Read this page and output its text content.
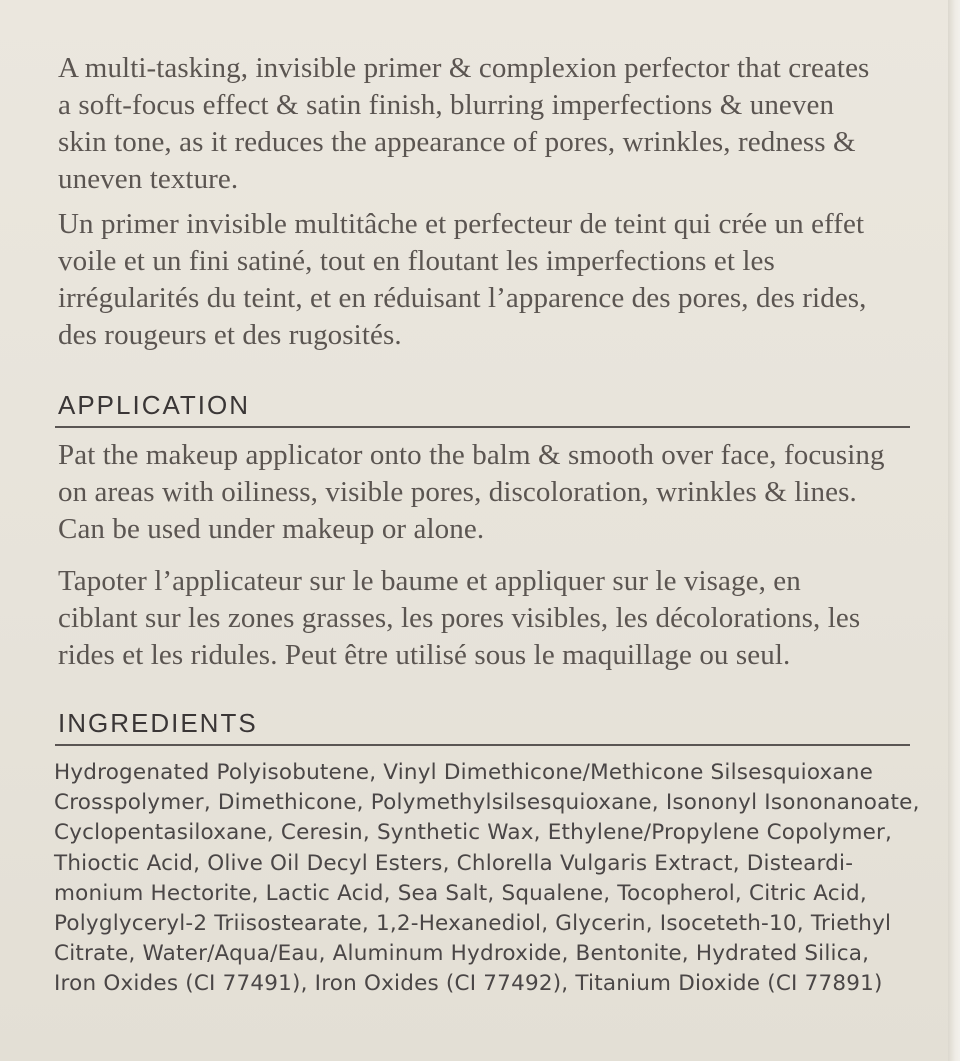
A multi-tasking, invisible primer & complexion perfector that creates
a soft-focus effect & satin finish, blurring imperfections & uneven
skin tone, as it reduces the appearance of pores, wrinkles, redness &
uneven texture.
Un primer invisible multitâche et perfecteur de teint qui crée un effet
voile et un fini satiné, tout en floutant les imperfections et les
irrégularités du teint, et en réduisant l’apparence des pores, des rides,
des rougeurs et des rugosités.
APPLICATION
Pat the makeup applicator onto the balm & smooth over face, focusing
on areas with oiliness, visible pores, discoloration, wrinkles & lines.
Can be used under makeup or alone.
Tapoter l’applicateur sur le baume et appliquer sur le visage, en
ciblant sur les zones grasses, les pores visibles, les décolorations, les
rides et les ridules. Peut être utilisé sous le maquillage ou seul.
INGREDIENTS
Hydrogenated Polyisobutene, Vinyl Dimethicone/Methicone Silsesquioxane
Crosspolymer, Dimethicone, Polymethylsilsesquioxane, Isononyl Isononanoate,
Cyclopentasiloxane, Ceresin, Synthetic Wax, Ethylene/Propylene Copolymer,
Thioctic Acid, Olive Oil Decyl Esters, Chlorella Vulgaris Extract, Disteardi-
monium Hectorite, Lactic Acid, Sea Salt, Squalene, Tocopherol, Citric Acid,
Polyglyceryl-2 Triisostearate, 1,2-Hexanediol, Glycerin, Isoceteth-10, Triethyl
Citrate, Water/Aqua/Eau, Aluminum Hydroxide, Bentonite, Hydrated Silica,
Iron Oxides (CI 77491), Iron Oxides (CI 77492), Titanium Dioxide (CI 77891)
